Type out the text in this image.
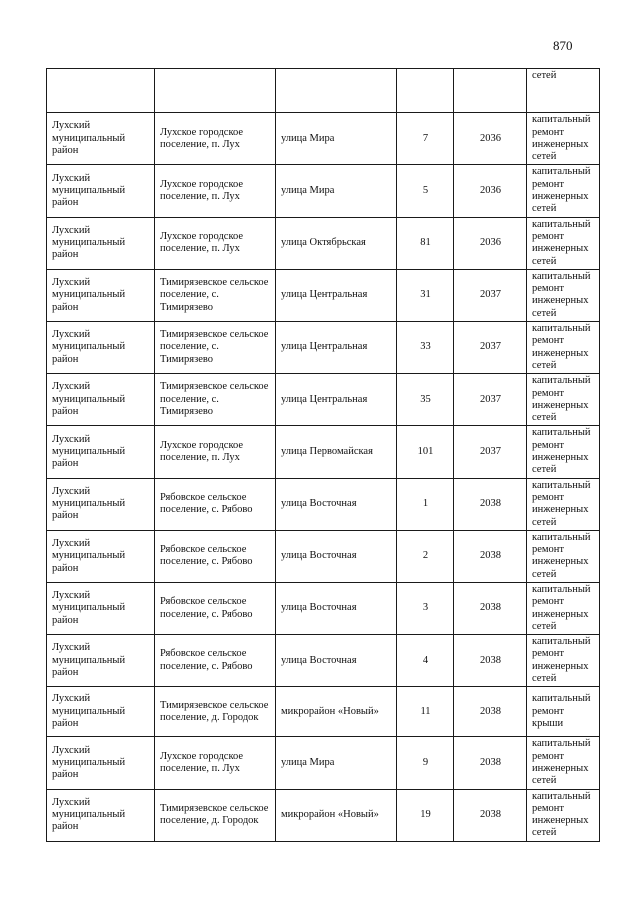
870
					сетей
Лухский муниципальный район	Лухское городское поселение, п. Лух	улица Мира	7	2036	капитальный ремонт инженерных сетей
Лухский муниципальный район	Лухское городское поселение, п. Лух	улица Мира	5	2036	капитальный ремонт инженерных сетей
Лухский муниципальный район	Лухское городское поселение, п. Лух	улица Октябрьская	81	2036	капитальный ремонт инженерных сетей
Лухский муниципальный район	Тимирязевское сельское поселение, с. Тимирязево	улица Центральная	31	2037	капитальный ремонт инженерных сетей
Лухский муниципальный район	Тимирязевское сельское поселение, с. Тимирязево	улица Центральная	33	2037	капитальный ремонт инженерных сетей
Лухский муниципальный район	Тимирязевское сельское поселение, с. Тимирязево	улица Центральная	35	2037	капитальный ремонт инженерных сетей
Лухский муниципальный район	Лухское городское поселение, п. Лух	улица Первомайская	101	2037	капитальный ремонт инженерных сетей
Лухский муниципальный район	Рябовское сельское поселение, с. Рябово	улица Восточная	1	2038	капитальный ремонт инженерных сетей
Лухский муниципальный район	Рябовское сельское поселение, с. Рябово	улица Восточная	2	2038	капитальный ремонт инженерных сетей
Лухский муниципальный район	Рябовское сельское поселение, с. Рябово	улица Восточная	3	2038	капитальный ремонт инженерных сетей
Лухский муниципальный район	Рябовское сельское поселение, с. Рябово	улица Восточная	4	2038	капитальный ремонт инженерных сетей
Лухский муниципальный район	Тимирязевское сельское поселение, д. Городок	микрорайон «Новый»	11	2038	капитальный ремонт крыши
Лухский муниципальный район	Лухское городское поселение, п. Лух	улица Мира	9	2038	капитальный ремонт инженерных сетей
Лухский муниципальный район	Тимирязевское сельское поселение, д. Городок	микрорайон «Новый»	19	2038	капитальный ремонт инженерных сетей
